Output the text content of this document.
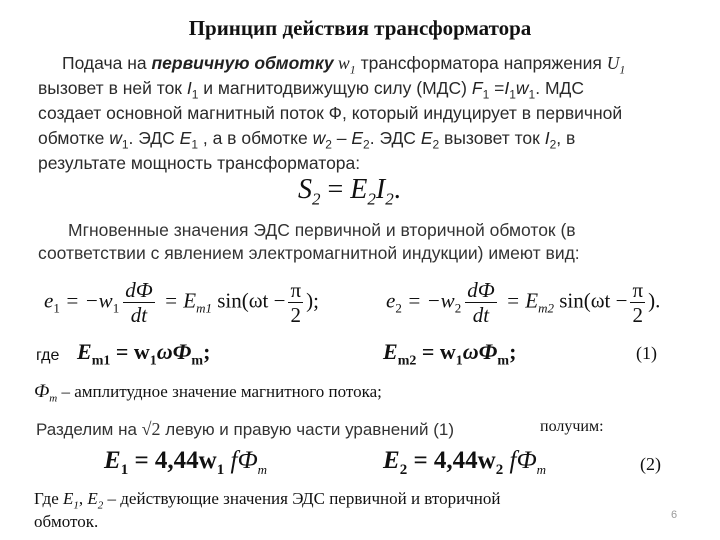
Принцип действия трансформатора
Подача на первичную обмотку $w_1$ трансформатора напряжения $U_1$
вызовет в ней ток $I_1$ и магнитодвижущую силу (МДС) $F_1 =I_1w_1$. МДС
создает основной магнитный поток Ф, который индуцирует в первичной
обмотке $w_1$. ЭДС $E_1$ , а в обмотке $w_2 - E_2$. ЭДС $E_2$ вызовет ток $I_2$, в
результате мощность трансформатора:
$S_2 = E_2I_2$.
Мгновенные значения ЭДС первичной и вторичной обмоток (в
соответствии с явлением электромагнитной индукции) имеют вид:
$e_1 = -w_1 \frac{dФ}{dt} = E_{m1}$ $\sin(\omega t - \frac{\pi}{2}$ );	$e_2 = -w_2 \frac{dФ}{dt} = E_{m2}$ $\sin(\omega t - \frac{\pi}{2}$ ).
где $E_{m1} = w_1\omega Ф_m$;	$E_{m2} = w_1\omega Ф_m$;	(1)
$Ф_m$ – амплитудное значение магнитного потока;
Разделим на √2 левую и правую части уравнений (1)	получим:
$E_1 = 4,44w_1$ $fФ_m$	$E_2 = 4,44w_2$ $fФ_m$	(2)
Где $E_1$, $E_2$ – действующие значения ЭДС первичной и вторичной
обмоток.	6
